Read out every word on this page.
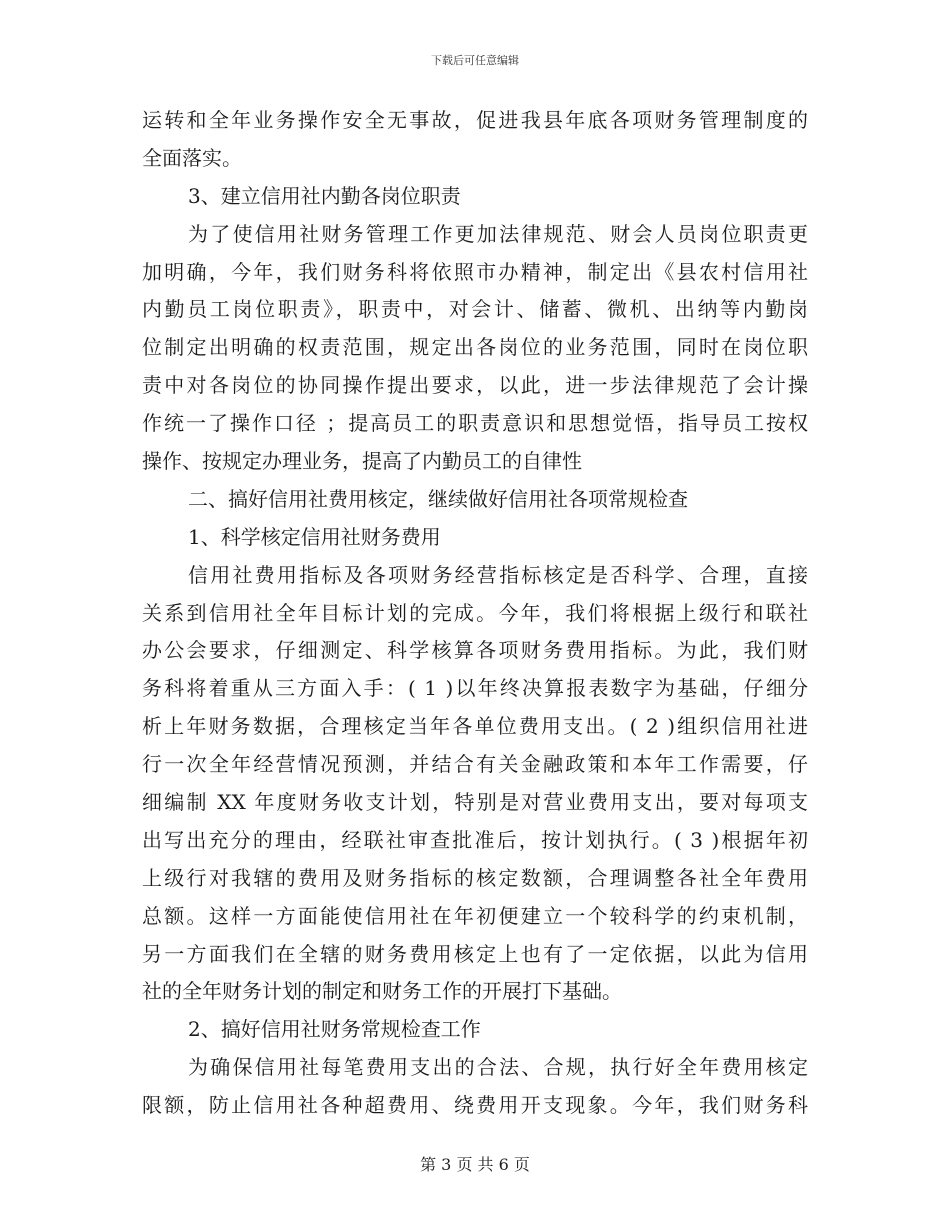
下载后可任意编辑
运转和全年业务操作安全无事故，促进我县年底各项财务管理制度的
全面落实。
3、建立信用社内勤各岗位职责
为了使信用社财务管理工作更加法律规范、财会人员岗位职责更
加明确，今年，我们财务科将依照市办精神，制定出《县农村信用社
内勤员工岗位职责》，职责中，对会计、储蓄、微机、出纳等内勤岗
位制定出明确的权责范围，规定出各岗位的业务范围，同时在岗位职
责中对各岗位的协同操作提出要求，以此，进一步法律规范了会计操
作统一了操作口径 ；提高员工的职责意识和思想觉悟，指导员工按权
操作、按规定办理业务，提高了内勤员工的自律性
二、搞好信用社费用核定，继续做好信用社各项常规检查
1、科学核定信用社财务费用
信用社费用指标及各项财务经营指标核定是否科学、合理，直接
关系到信用社全年目标计划的完成。今年，我们将根据上级行和联社
办公会要求，仔细测定、科学核算各项财务费用指标。为此，我们财
务科将着重从三方面入手：( 1 )以年终决算报表数字为基础，仔细分
析上年财务数据，合理核定当年各单位费用支出。( 2 )组织信用社进
行一次全年经营情况预测，并结合有关金融政策和本年工作需要，仔
细编制 XX 年度财务收支计划，特别是对营业费用支出，要对每项支
出写出充分的理由，经联社审查批准后，按计划执行。( 3 )根据年初
上级行对我辖的费用及财务指标的核定数额，合理调整各社全年费用
总额。这样一方面能使信用社在年初便建立一个较科学的约束机制，
另一方面我们在全辖的财务费用核定上也有了一定依据，以此为信用
社的全年财务计划的制定和财务工作的开展打下基础。
2、搞好信用社财务常规检查工作
为确保信用社每笔费用支出的合法、合规，执行好全年费用核定
限额，防止信用社各种超费用、绕费用开支现象。今年，我们财务科
第 3 页 共 6 页
